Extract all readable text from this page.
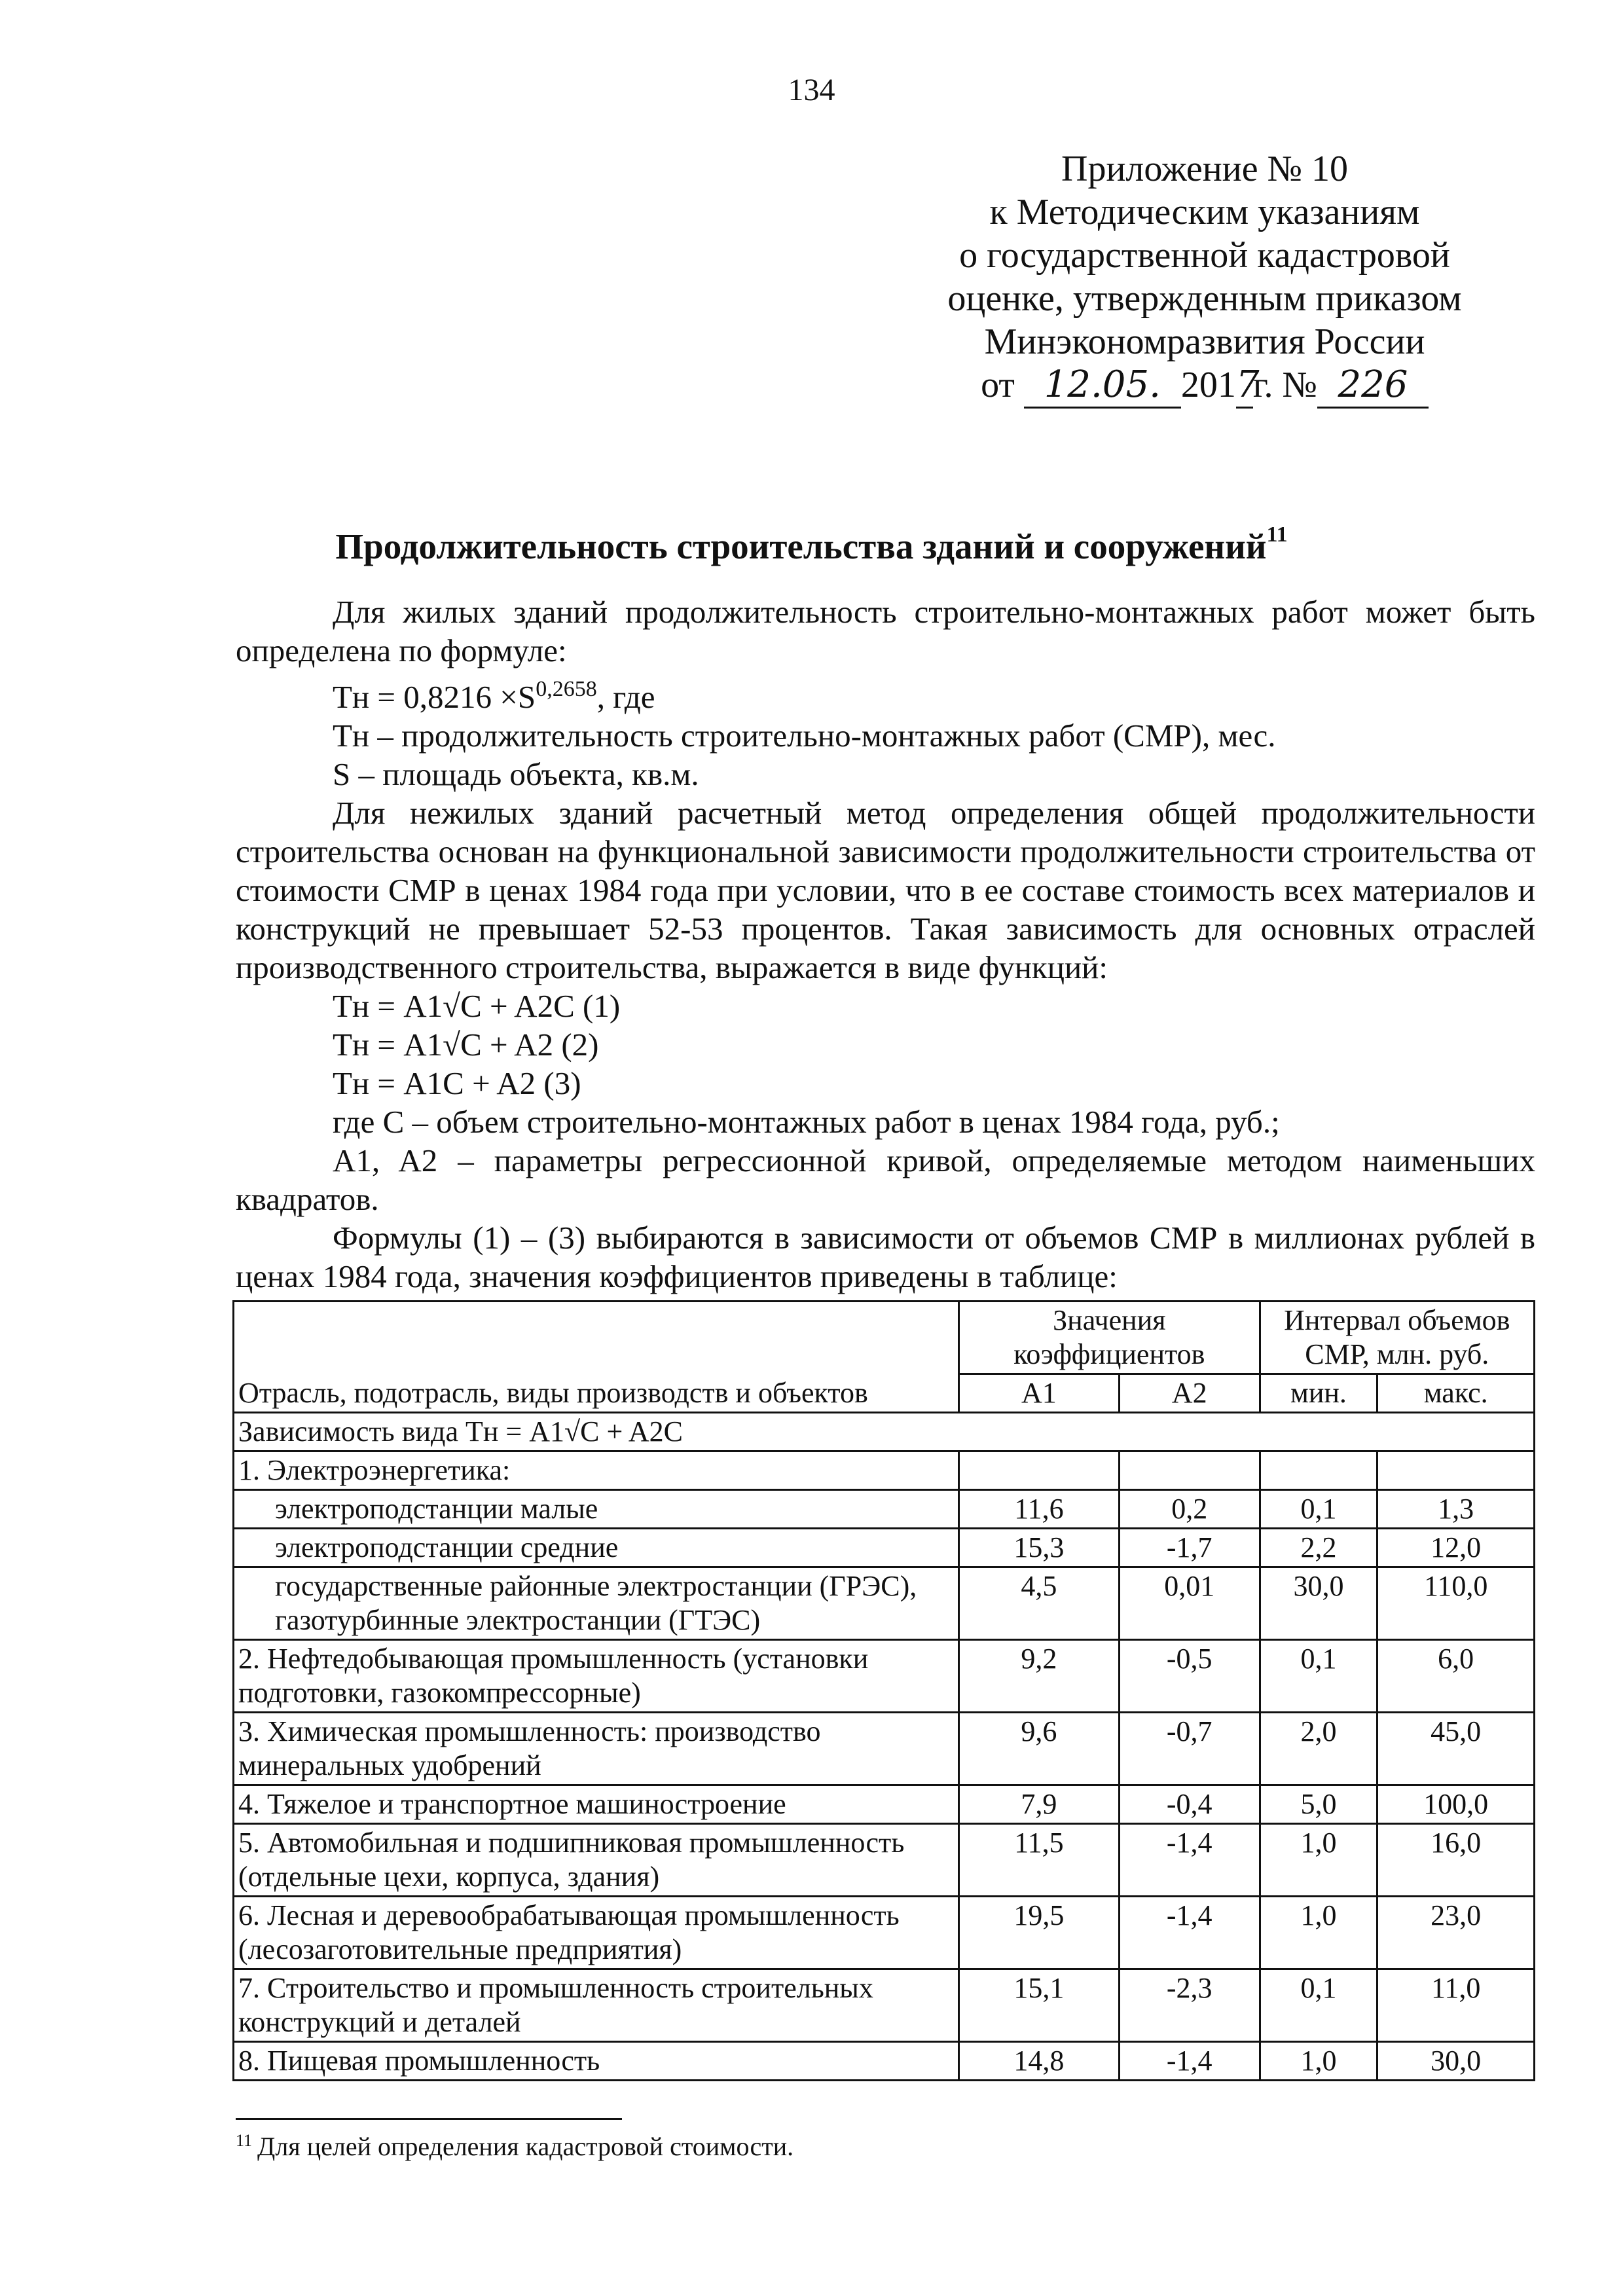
134
Приложение № 10
к Методическим указаниям
о государственной кадастровой
оценке, утвержденным приказом
Минэкономразвития России
от 12.05. 2017г. № 226
Продолжительность строительства зданий и сооружений$^{11}$

Для жилых зданий продолжительность строительно-монтажных работ может быть определена по формуле:

Tн = $0,8216 \times S^{0,2658}$, где

Тн – продолжительность строительно-монтажных работ (СМР), мес.

S – площадь объекта, кв.м.

Для нежилых зданий расчетный метод определения общей продолжительности строительства основан на функциональной зависимости продолжительности строительства от стоимости СМР в ценах 1984 года при условии, что в ее составе стоимость всех материалов и конструкций не превышает 52-53 процентов. Такая зависимость для основных отраслей производственного строительства, выражается в виде функций:

Tн = A1√C + A2C (1)

Tн = A1√C + A2 (2)

Tн = A1C + A2 (3)

где С – объем строительно-монтажных работ в ценах 1984 года, руб.;

A1, A2 – параметры регрессионной кривой, определяемые методом наименьших квадратов.

Формулы (1) – (3) выбираются в зависимости от объемов СМР в миллионах рублей в ценах 1984 года, значения коэффициентов приведены в таблице:

Отрасль, подотрасль, виды производств и объектов	Значения коэффициентов		Интервал объемов СМР, млн. руб.	
	A1	A2	мин.	макс.
Зависимость вида Tн = A1√C + A2C				
1. Электроэнергетика:				
электроподстанции малые	11,6	0,2	0,1	1,3
электроподстанции средние	15,3	-1,7	2,2	12,0
государственные районные электростанции (ГРЭС), газотурбинные электростанции (ГТЭС)	4,5	0,01	30,0	110,0
2. Нефтедобывающая промышленность (установки подготовки, газокомпрессорные)	9,2	-0,5	0,1	6,0
3. Химическая промышленность: производство минеральных удобрений	9,6	-0,7	2,0	45,0
4. Тяжелое и транспортное машиностроение	7,9	-0,4	5,0	100,0
5. Автомобильная и подшипниковая промышленность (отдельные цехи, корпуса, здания)	11,5	-1,4	1,0	16,0
6. Лесная и деревообрабатывающая промышленность (лесозаготовительные предприятия)	19,5	-1,4	1,0	23,0
7. Строительство и промышленность строительных конструкций и деталей	15,1	-2,3	0,1	11,0
8. Пищевая промышленность	14,8	-1,4	1,0	30,0
$^{11}$ Для целей определения кадастровой стоимости.
